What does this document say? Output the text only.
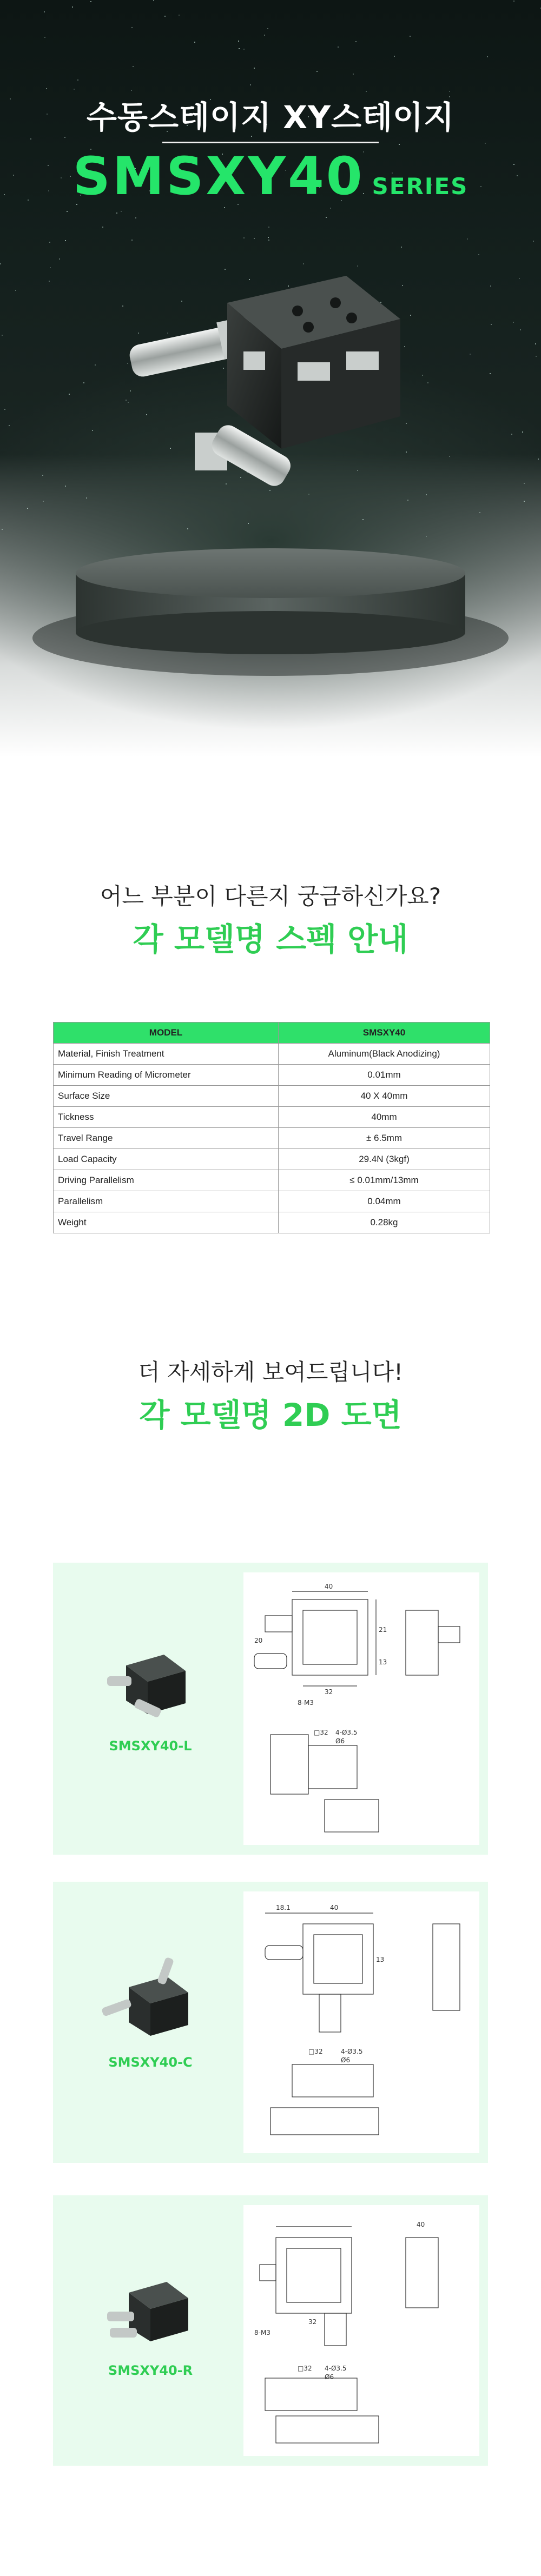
수동스테이지 XY스테이지
SMSXY40 SERIES
어느 부분이 다른지 궁금하신가요?
각 모델명 스펙 안내
MODEL	SMSXY40
Material, Finish Treatment	Aluminum(Black Anodizing)
Minimum Reading of Micrometer	0.01mm
Surface Size	40 X 40mm
Tickness	40mm
Travel Range	± 6.5mm
Load Capacity	29.4N (3kgf)
Driving Parallelism	≤ 0.01mm/13mm
Parallelism	0.04mm
Weight	0.28kg
더 자세하게 보여드립니다!
각 모델명 2D 도면
SMSXY40-L
40
21
32
13
8-M3
20
4-Ø3.5
Ø6
□32
SMSXY40-C
18.1	40
13
4-Ø3.5
Ø6
□32
SMSXY40-R
40
32
8-M3
4-Ø3.5
Ø6
□32
